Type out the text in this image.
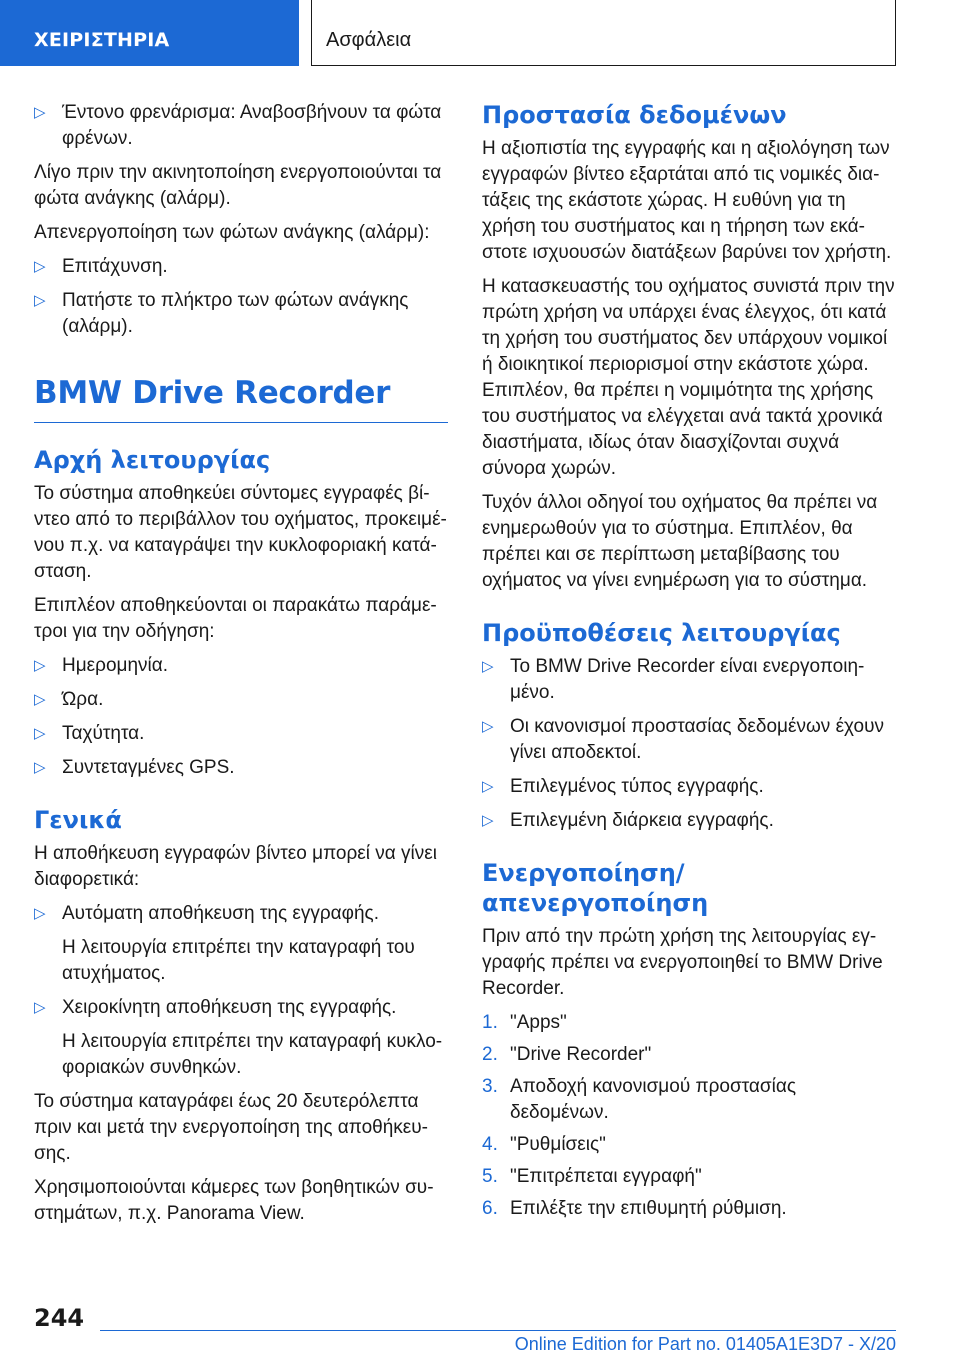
ΧΕΙΡΙΣΤΗΡΙΑ	Ασφάλεια
▷ Έντονο φρενάρισμα: Αναβοσβήνουν τα φώτα φρένων.

Λίγο πριν την ακινητοποίηση ενεργοποιούνται τα φώτα ανάγκης (αλάρμ).

Απενεργοποίηση των φώτων ανάγκης (αλάρμ):

▷ Επιτάχυνση.
▷ Πατήστε το πλήκτρο των φώτων ανάγκης (αλάρμ).
BMW Drive Recorder
Αρχή λειτουργίας

Το σύστημα αποθηκεύει σύντομες εγγραφές βίντεο από το περιβάλλον του οχήματος, προκειμένου π.χ. να καταγράψει την κυκλοφοριακή κατάσταση.

Επιπλέον αποθηκεύονται οι παρακάτω παράμετροι για την οδήγηση:

▷ Ημερομηνία.
▷ Ώρα.
▷ Ταχύτητα.
▷ Συντεταγμένες GPS.
Γενικά

Η αποθήκευση εγγραφών βίντεο μπορεί να γίνει διαφορετικά:

▷ Αυτόματη αποθήκευση της εγγραφής.
Η λειτουργία επιτρέπει την καταγραφή του ατυχήματος.
▷ Χειροκίνητη αποθήκευση της εγγραφής.
Η λειτουργία επιτρέπει την καταγραφή κυκλοφοριακών συνθηκών.

Το σύστημα καταγράφει έως 20 δευτερόλεπτα πριν και μετά την ενεργοποίηση της αποθήκευσης.

Χρησιμοποιούνται κάμερες των βοηθητικών συστημάτων, π.χ. Panorama View.

Προστασία δεδομένων

Η αξιοπιστία της εγγραφής και η αξιολόγηση των εγγραφών βίντεο εξαρτάται από τις νομικές διατάξεις της εκάστοτε χώρας. Η ευθύνη για τη χρήση του συστήματος και η τήρηση των εκάστοτε ισχυουσών διατάξεων βαρύνει τον χρήστη.

Η κατασκευαστής του οχήματος συνιστά πριν την πρώτη χρήση να υπάρχει ένας έλεγχος, ότι κατά τη χρήση του συστήματος δεν υπάρχουν νομικοί ή διοικητικοί περιορισμοί στην εκάστοτε χώρα. Επιπλέον, θα πρέπει η νομιμότητα της χρήσης του συστήματος να ελέγχεται ανά τακτά χρονικά διαστήματα, ιδίως όταν διασχίζονται συχνά σύνορα χωρών.

Τυχόν άλλοι οδηγοί του οχήματος θα πρέπει να ενημερωθούν για το σύστημα. Επιπλέον, θα πρέπει και σε περίπτωση μεταβίβασης του οχήματος να γίνει ενημέρωση για το σύστημα.

Προϋποθέσεις λειτουργίας
▷ Το BMW Drive Recorder είναι ενεργοποιημένο.
▷ Οι κανονισμοί προστασίας δεδομένων έχουν γίνει αποδεκτοί.
▷ Επιλεγμένος τύπος εγγραφής.
▷ Επιλεγμένη διάρκεια εγγραφής.
Ενεργοποίηση/απενεργοποίηση

Πριν από την πρώτη χρήση της λειτουργίας εγγραφής πρέπει να ενεργοποιηθεί το BMW Drive Recorder.

1. "Apps"
2. "Drive Recorder"
3. Αποδοχή κανονισμού προστασίας δεδομένων.
4. "Ρυθμίσεις"
5. "Επιτρέπεται εγγραφή"
6. Επιλέξτε την επιθυμητή ρύθμιση.
244
Online Edition for Part no. 01405A1E3D7 - X/20
